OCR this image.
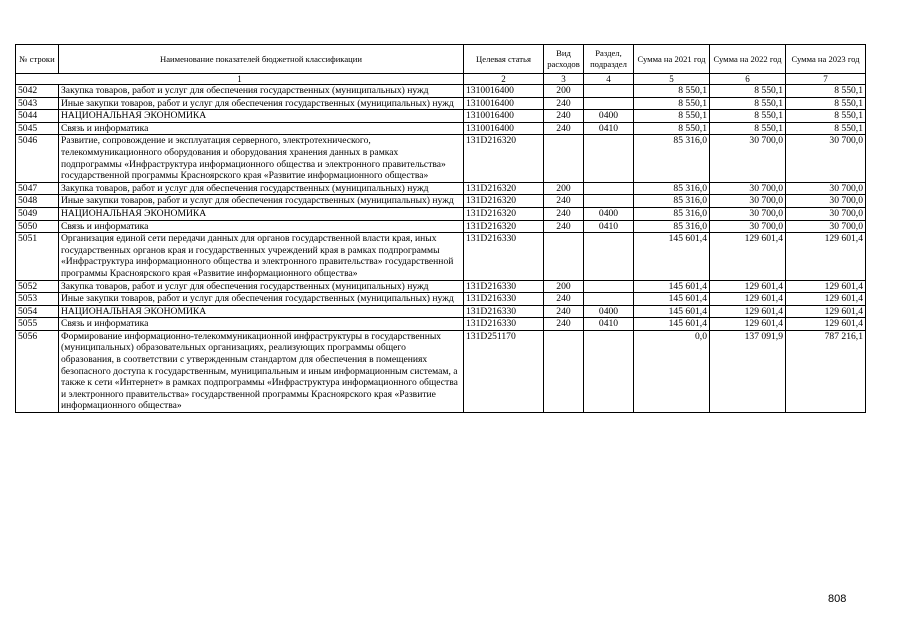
№ строки	Наименование показателей бюджетной классификации	Целевая статья	Вид расходов	Раздел, подраздел	Сумма на 2021 год	Сумма на 2022 год	Сумма на 2023 год
1		2	3	4	5	6	7
5042	Закупка товаров, работ и услуг для обеспечения государственных (муниципальных) нужд	1310016400	200		8 550,1	8 550,1	8 550,1
5043	Иные закупки товаров, работ и услуг для обеспечения государственных (муниципальных) нужд	1310016400	240		8 550,1	8 550,1	8 550,1
5044	НАЦИОНАЛЬНАЯ ЭКОНОМИКА	1310016400	240	0400	8 550,1	8 550,1	8 550,1
5045	Связь и информатика	1310016400	240	0410	8 550,1	8 550,1	8 550,1
5046	Развитие, сопровождение и эксплуатация серверного, электротехнического, телекоммуникационного оборудования и оборудования хранения данных в рамках подпрограммы «Инфраструктура информационного общества и электронного правительства» государственной программы Красноярского края «Развитие информационного общества»	131D216320			85 316,0	30 700,0	30 700,0
5047	Закупка товаров, работ и услуг для обеспечения государственных (муниципальных) нужд	131D216320	200		85 316,0	30 700,0	30 700,0
5048	Иные закупки товаров, работ и услуг для обеспечения государственных (муниципальных) нужд	131D216320	240		85 316,0	30 700,0	30 700,0
5049	НАЦИОНАЛЬНАЯ ЭКОНОМИКА	131D216320	240	0400	85 316,0	30 700,0	30 700,0
5050	Связь и информатика	131D216320	240	0410	85 316,0	30 700,0	30 700,0
5051	Организация единой сети передачи данных для органов государственной власти края, иных государственных органов края и государственных учреждений края в рамках подпрограммы «Инфраструктура информационного общества и электронного правительства» государственной программы Красноярского края «Развитие информационного общества»	131D216330			145 601,4	129 601,4	129 601,4
5052	Закупка товаров, работ и услуг для обеспечения государственных (муниципальных) нужд	131D216330	200		145 601,4	129 601,4	129 601,4
5053	Иные закупки товаров, работ и услуг для обеспечения государственных (муниципальных) нужд	131D216330	240		145 601,4	129 601,4	129 601,4
5054	НАЦИОНАЛЬНАЯ ЭКОНОМИКА	131D216330	240	0400	145 601,4	129 601,4	129 601,4
5055	Связь и информатика	131D216330	240	0410	145 601,4	129 601,4	129 601,4
5056	Формирование информационно-телекоммуникационной инфраструктуры в государственных (муниципальных) образовательных организациях, реализующих программы общего образования, в соответствии с утвержденным стандартом для обеспечения в помещениях безопасного доступа к государственным, муниципальным и иным информационным системам, а также к сети «Интернет» в рамках подпрограммы «Инфраструктура информационного общества и электронного правительства» государственной программы Красноярского края «Развитие информационного общества»	131D251170			0,0	137 091,9	787 216,1
808
